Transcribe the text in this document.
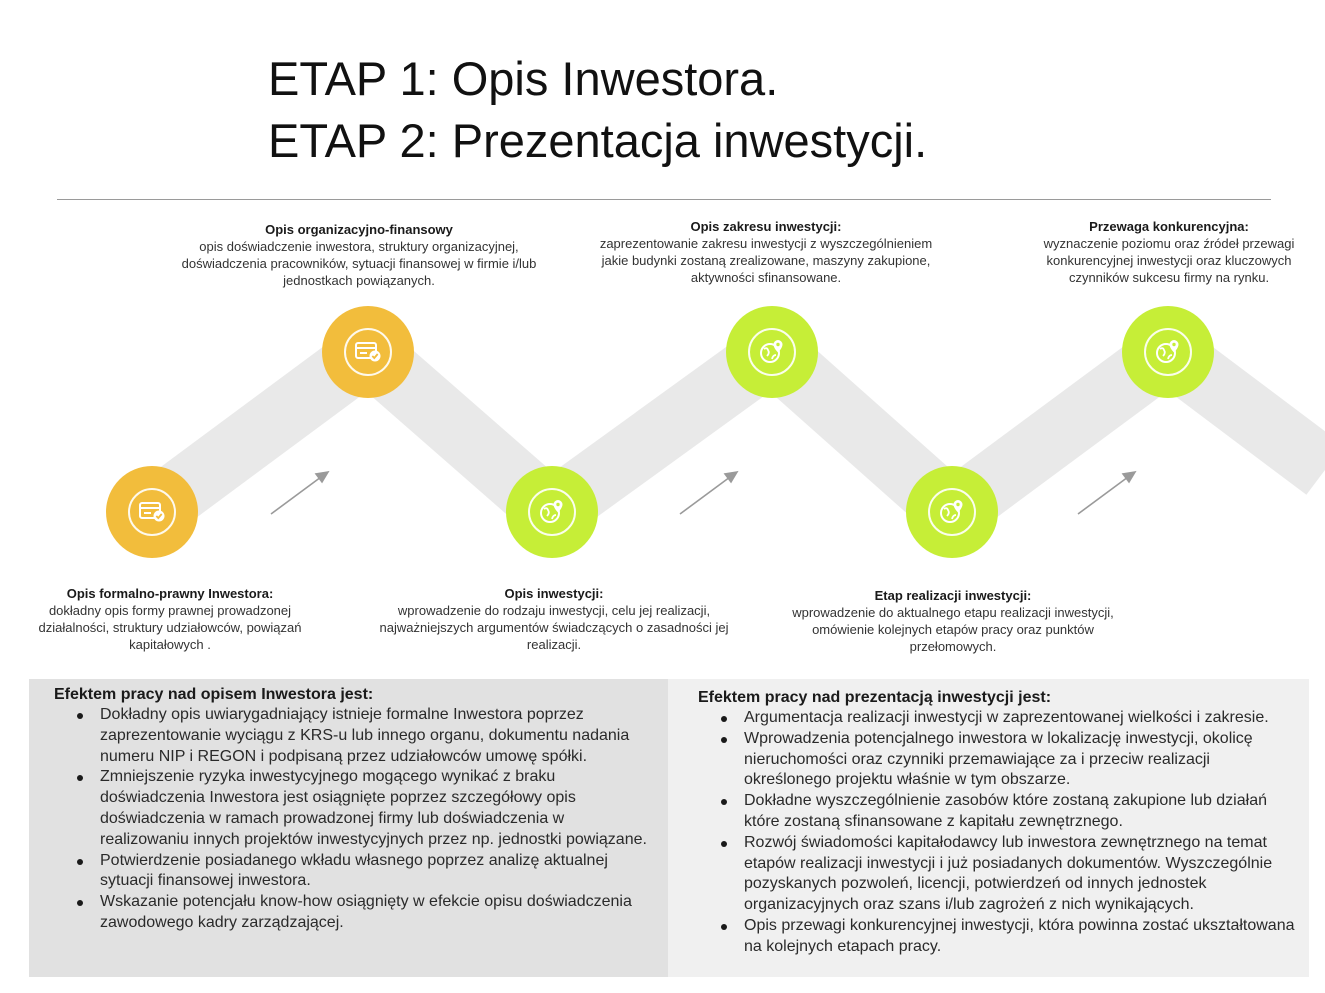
ETAP 1: Opis Inwestora.
ETAP 2: Prezentacja inwestycji.
Opis formalno-prawny Inwestora:
dokładny opis formy prawnej prowadzonej działalności, struktury udziałowców, powiązań kapitałowych .
Opis organizacyjno-finansowy
opis doświadczenie inwestora, struktury organizacyjnej, doświadczenia pracowników, sytuacji finansowej w firmie i/lub jednostkach powiązanych.
Opis inwestycji:
wprowadzenie do rodzaju inwestycji, celu jej realizacji, najważniejszych argumentów świadczących o zasadności jej realizacji.
Opis zakresu inwestycji:
zaprezentowanie zakresu inwestycji z wyszczególnieniem jakie budynki zostaną zrealizowane, maszyny zakupione, aktywności sfinansowane.
Etap realizacji inwestycji:
wprowadzenie do aktualnego etapu realizacji inwestycji, omówienie kolejnych etapów pracy oraz punktów przełomowych.
Przewaga konkurencyjna:
wyznaczenie poziomu oraz źródeł przewagi konkurencyjnej inwestycji oraz kluczowych czynników sukcesu firmy na rynku.

Efektem pracy nad opisem Inwestora jest:

Dokładny opis uwiarygadniający istnieje formalne Inwestora poprzez zaprezentowanie wyciągu z KRS-u lub innego organu, dokumentu nadania numeru NIP i REGON i podpisaną przez udziałowców umowę spółki.
Zmniejszenie ryzyka inwestycyjnego mogącego wynikać z braku doświadczenia Inwestora jest osiągnięte poprzez szczegółowy opis doświadczenia w ramach prowadzonej firmy lub doświadczenia w realizowaniu innych projektów inwestycyjnych przez np. jednostki powiązane.
Potwierdzenie posiadanego wkładu własnego poprzez analizę aktualnej sytuacji finansowej inwestora.
Wskazanie potencjału know-how osiągnięty w efekcie opisu doświadczenia zawodowego kadry zarządzającej.

Efektem pracy nad prezentacją inwestycji jest:

Argumentacja realizacji inwestycji w zaprezentowanej wielkości i zakresie.
Wprowadzenia potencjalnego inwestora w lokalizację inwestycji, okolicę nieruchomości oraz czynniki przemawiające za i przeciw realizacji określonego projektu właśnie w tym obszarze.
Dokładne wyszczególnienie zasobów które zostaną zakupione lub działań które zostaną sfinansowane z kapitału zewnętrznego.
Rozwój świadomości kapitałodawcy lub inwestora zewnętrznego na temat etapów realizacji inwestycji i już posiadanych dokumentów. Wyszczególnie pozyskanych pozwoleń, licencji, potwierdzeń od innych jednostek organizacyjnych oraz szans i/lub zagrożeń z nich wynikających.
Opis przewagi konkurencyjnej inwestycji, która powinna zostać ukształtowana na kolejnych etapach pracy.
